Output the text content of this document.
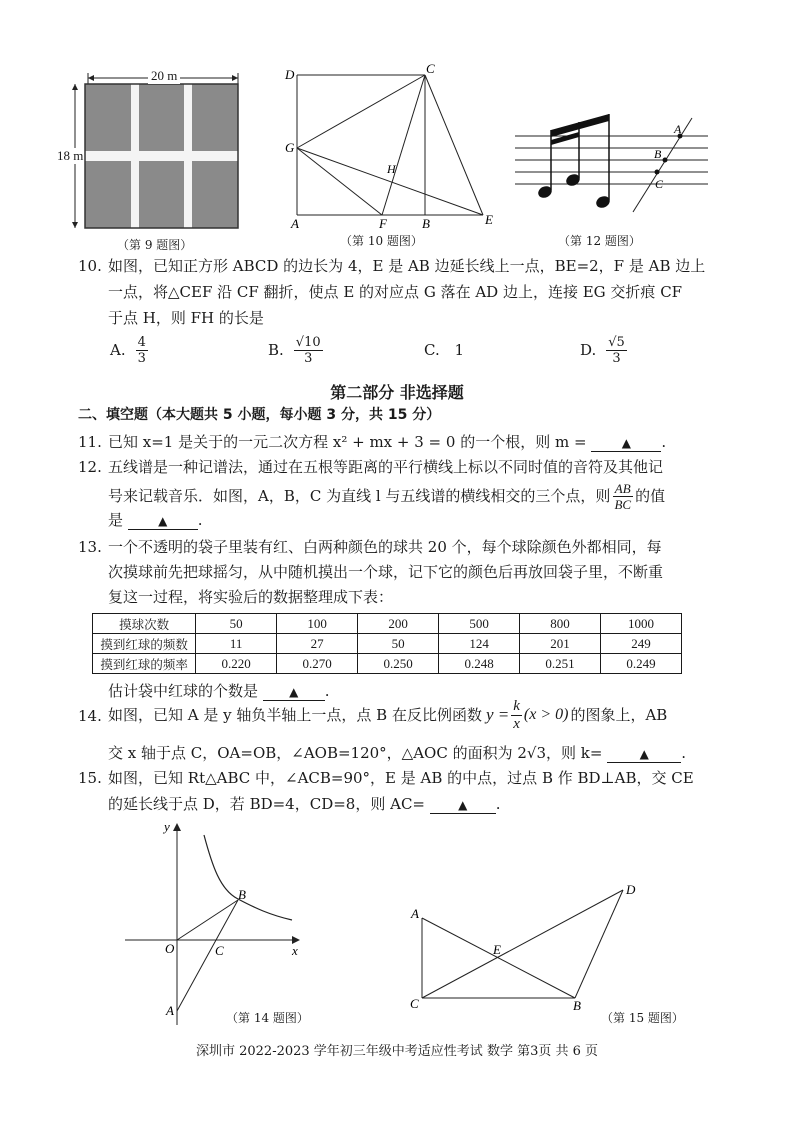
20 m
18 m
（第 9 题图）
D	C
G
H
A	F	B	E
（第 10 题图）
A
B
C
（第 12 题图）
10. 如图，已知正方形 ABCD 的边长为 4，E 是 AB 边延长线上一点，BE=2，F 是 AB 边上
一点，将△CEF 沿 CF 翻折，使点 E 的对应点 G 落在 AD 边上，连接 EG 交折痕 CF
于点 H，则 FH 的长是
A. $\frac{4}{3}$	B. $\frac{√10}{3}$	C. 1	D. $\frac{√5}{3}$
第二部分 非选择题
二、填空题（本大题共 5 小题，每小题 3 分，共 15 分）
11. 已知 x=1 是关于的一元二次方程 x² + mx + 3 = 0 的一个根，则 m =	▲ .
12. 五线谱是一种记谱法，通过在五根等距离的平行横线上标以不同时值的音符及其他记
号来记载音乐．如图，A，B，C 为直线 l 与五线谱的横线相交的三个点，则 $\frac{AB}{BC}$ 的值
是	▲ .
13. 一个不透明的袋子里装有红、白两种颜色的球共 20 个，每个球除颜色外都相同，每
次摸球前先把球摇匀，从中随机摸出一个球，记下它的颜色后再放回袋子里，不断重
复这一过程，将实验后的数据整理成下表：
摸球次数	50	100	200	500	800	1000
摸到红球的频数	11	27	50	124	201	249
摸到红球的频率	0.220	0.270	0.250	0.248	0.251	0.249
估计袋中红球的个数是	▲ .
14. 如图，已知 A 是 y 轴负半轴上一点，点 B 在反比例函数 $y = \frac{k}{x} (x > 0)$ 的图象上，AB
交 x 轴于点 C，OA=OB，∠AOB=120°，△AOC 的面积为 2√3，则 k=	▲ .
15. 如图，已知 Rt△ABC 中，∠ACB=90°，E 是 AB 的中点，过点 B 作 BD⊥AB，交 CE
的延长线于点 D，若 BD=4，CD=8，则 AC=	▲ .
y
x
O	C
B
A	（第 14 题图）
A
D
E
C	B
（第 15 题图）
深圳市 2022-2023 学年初三年级中考适应性考试 数学 第3页 共 6 页
